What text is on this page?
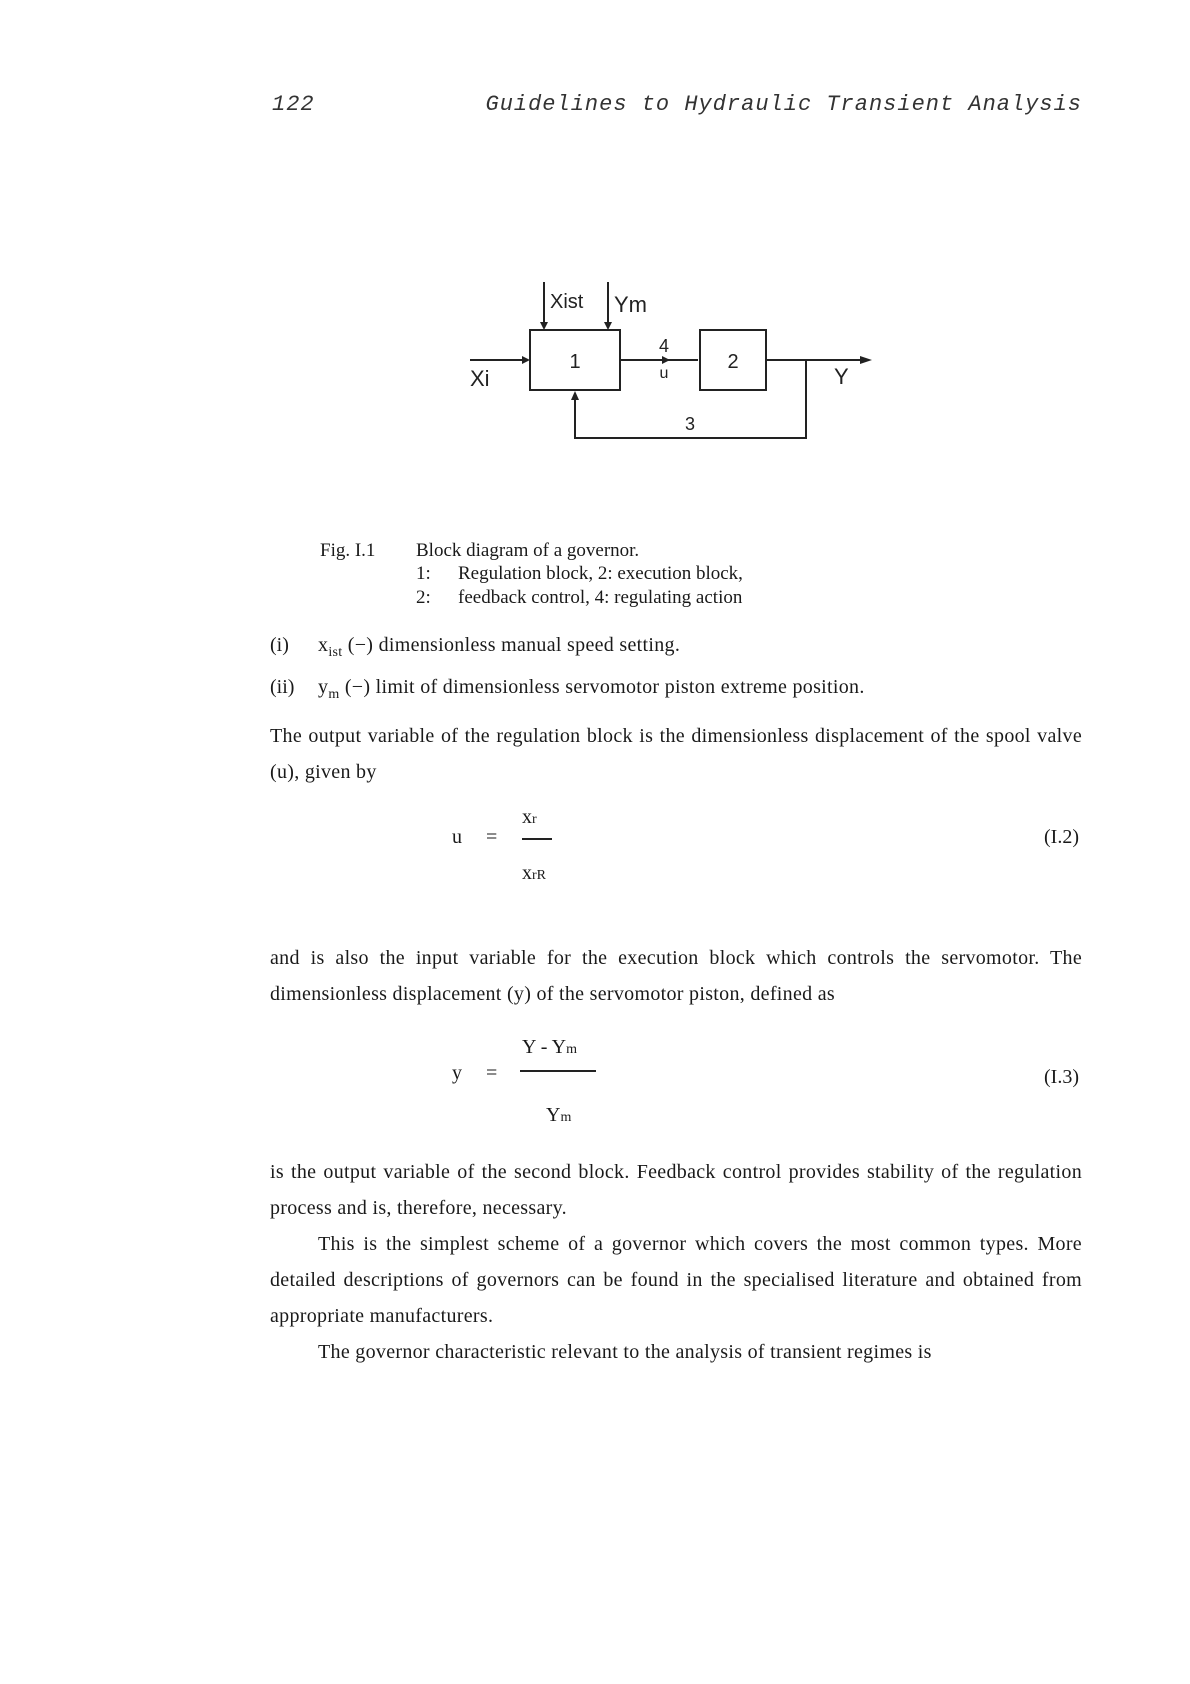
122	Guidelines to Hydraulic Transient Analysis
Xist Ym
Xi
1	2
4
u	Y
3
Fig. I.1 Block diagram of a governor.
1:	Regulation block, 2: execution block,
2:	feedback control, 4: regulating action
(i) $x_{ist}$ (−) dimensionless manual speed setting.
(ii) $y_m$ (−) limit of dimensionless servomotor piston extreme position.
The output variable of the regulation block is the dimensionless displacement of the spool valve (u), given by
u =
xr
xrR
(I.2)
and is also the input variable for the execution block which controls the servomotor. The dimensionless displacement (y) of the servomotor piston, defined as
y =
Y - Ym
Ym
(I.3)
is the output variable of the second block. Feedback control provides stability of the regulation process and is, therefore, necessary.
This is the simplest scheme of a governor which covers the most common types. More detailed descriptions of governors can be found in the specialised literature and obtained from appropriate manufacturers.
The governor characteristic relevant to the analysis of transient regimes is
